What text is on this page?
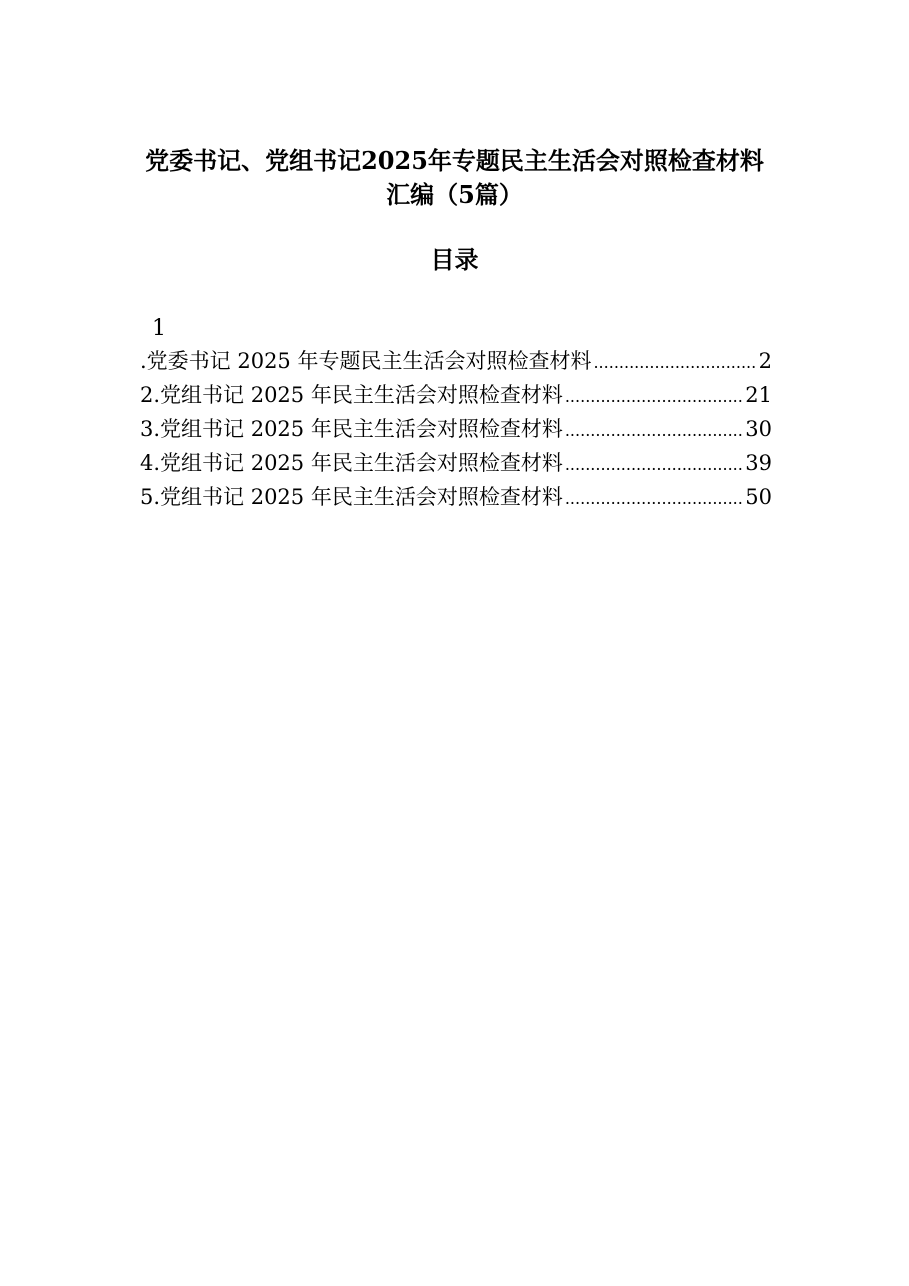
党委书记、党组书记2025年专题民主生活会对照检查材料
汇编（5篇）
目录
1
.党委书记 2025 年专题民主生活会对照检查材料 .....	2
2.党组书记 2025 年民主生活会对照检查材料 .....	21
3.党组书记 2025 年民主生活会对照检查材料 .....	30
4.党组书记 2025 年民主生活会对照检查材料 .....	39
5.党组书记 2025 年民主生活会对照检查材料 .....	50
